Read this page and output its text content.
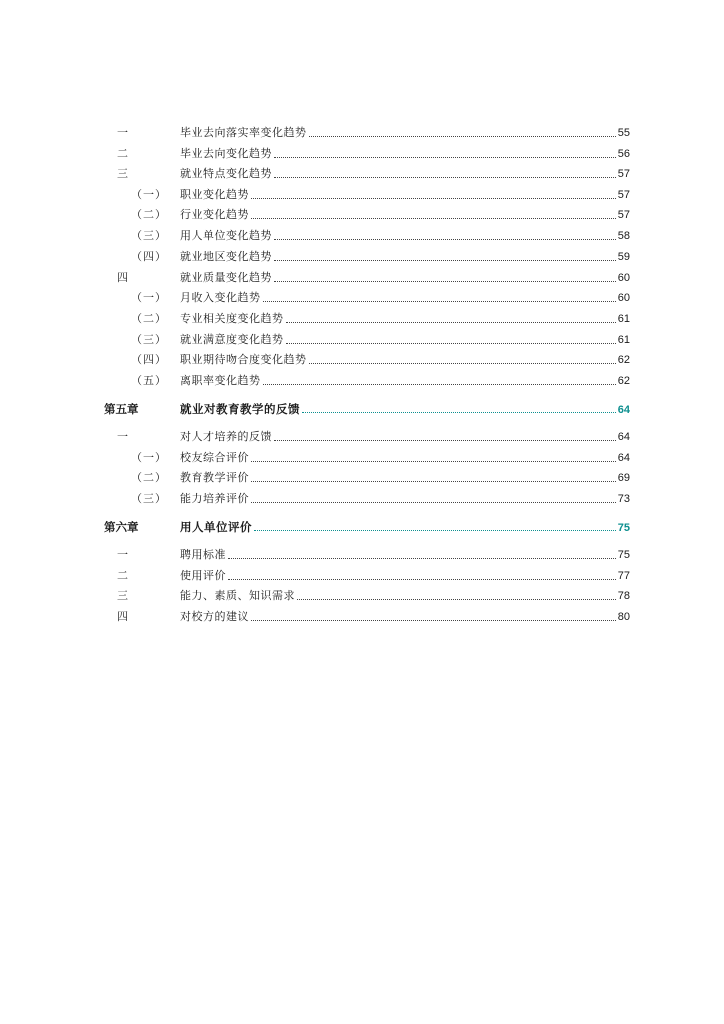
一	毕业去向落实率变化趋势	55
二	毕业去向变化趋势	56
三	就业特点变化趋势	57
（一） 职业变化趋势	57
（二） 行业变化趋势	57
（三） 用人单位变化趋势	58
（四） 就业地区变化趋势	59
四	就业质量变化趋势	60
（一） 月收入变化趋势	60
（二） 专业相关度变化趋势	61
（三） 就业满意度变化趋势	61
（四） 职业期待吻合度变化趋势	62
（五） 离职率变化趋势	62
第五章	就业对教育教学的反馈	64
一	对人才培养的反馈	64
（一） 校友综合评价	64
（二） 教育教学评价	69
（三） 能力培养评价	73
第六章	用人单位评价	75
一	聘用标准	75
二	使用评价	77
三	能力、素质、知识需求	78
四	对校方的建议	80
